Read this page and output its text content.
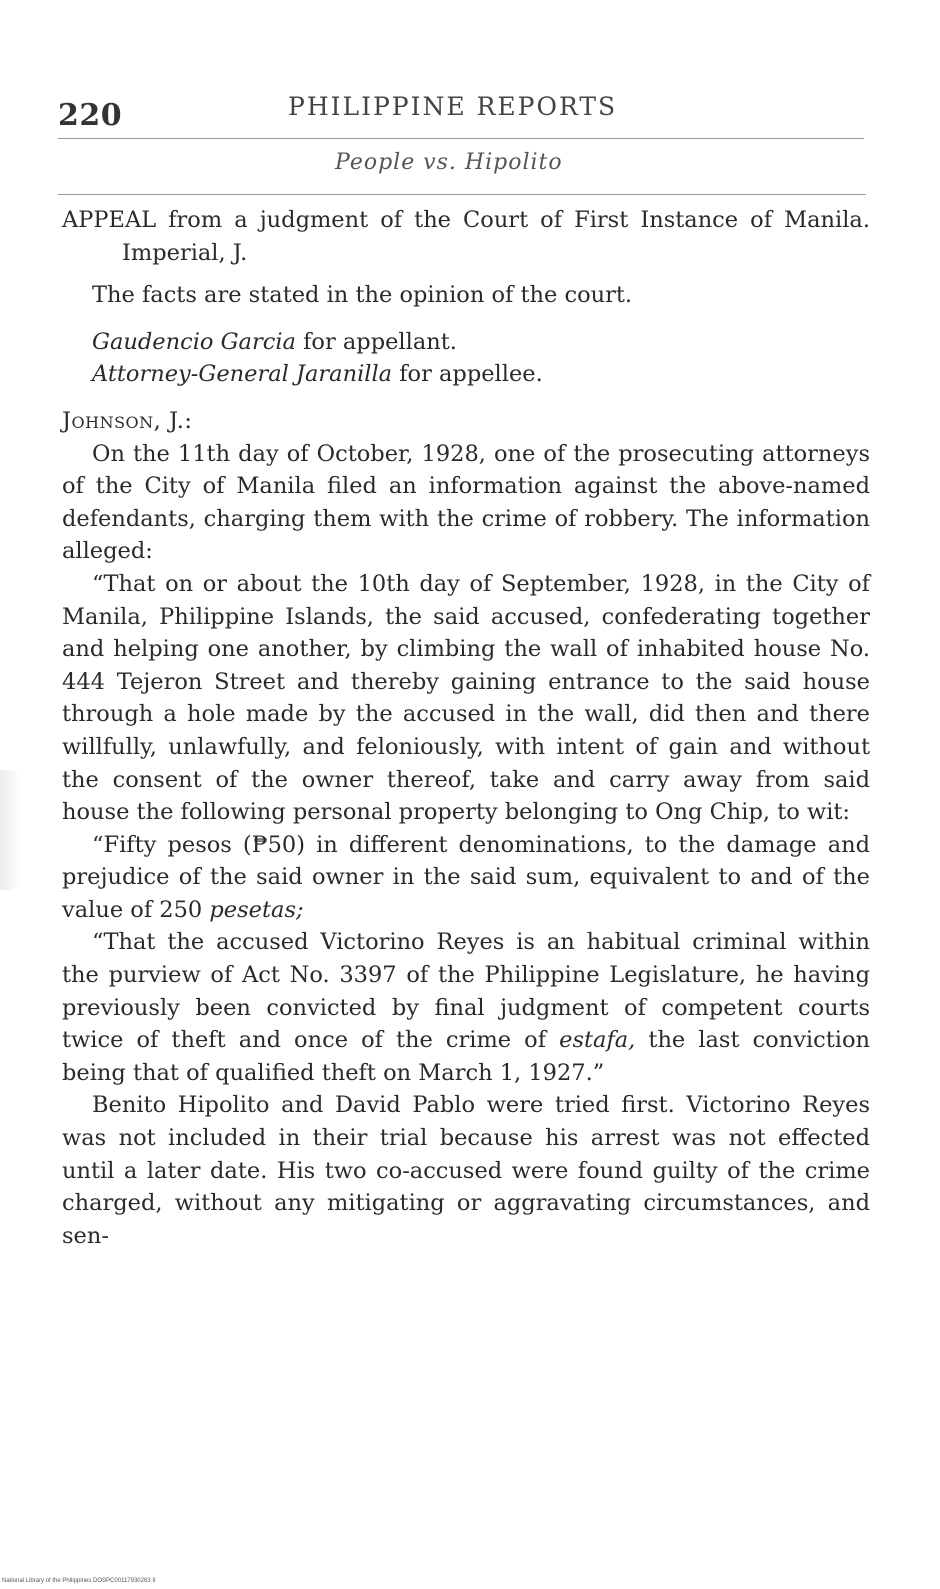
220	PHILIPPINE REPORTS
People vs. Hipolito

APPEAL from a judgment of the Court of First Instance of Manila. Imperial, J.

The facts are stated in the opinion of the court.

Gaudencio Garcia for appellant.

Attorney-General Jaranilla for appellee.

Johnson, J.:

On the 11th day of October, 1928, one of the prosecuting attorneys of the City of Manila filed an information against the above-named defendants, charging them with the crime of robbery. The information alleged:

“That on or about the 10th day of September, 1928, in the City of Manila, Philippine Islands, the said accused, confederating together and helping one another, by climbing the wall of inhabited house No. 444 Tejeron Street and thereby gaining entrance to the said house through a hole made by the accused in the wall, did then and there willfully, unlawfully, and feloniously, with intent of gain and without the consent of the owner thereof, take and carry away from said house the following personal property belonging to Ong Chip, to wit:

“Fifty pesos (₱50) in different denominations, to the damage and prejudice of the said owner in the said sum, equivalent to and of the value of 250 pesetas;

“That the accused Victorino Reyes is an habitual criminal within the purview of Act No. 3397 of the Philippine Legislature, he having previously been convicted by final judgment of competent courts twice of theft and once of the crime of estafa, the last conviction being that of qualified theft on March 1, 1927.”

Benito Hipolito and David Pablo were tried first. Victorino Reyes was not included in their trial because his arrest was not effected until a later date. His two co-accused were found guilty of the crime charged, without any mitigating or aggravating circumstances, and sen-

National Library of the Philippines DOSPC00117930263 II
